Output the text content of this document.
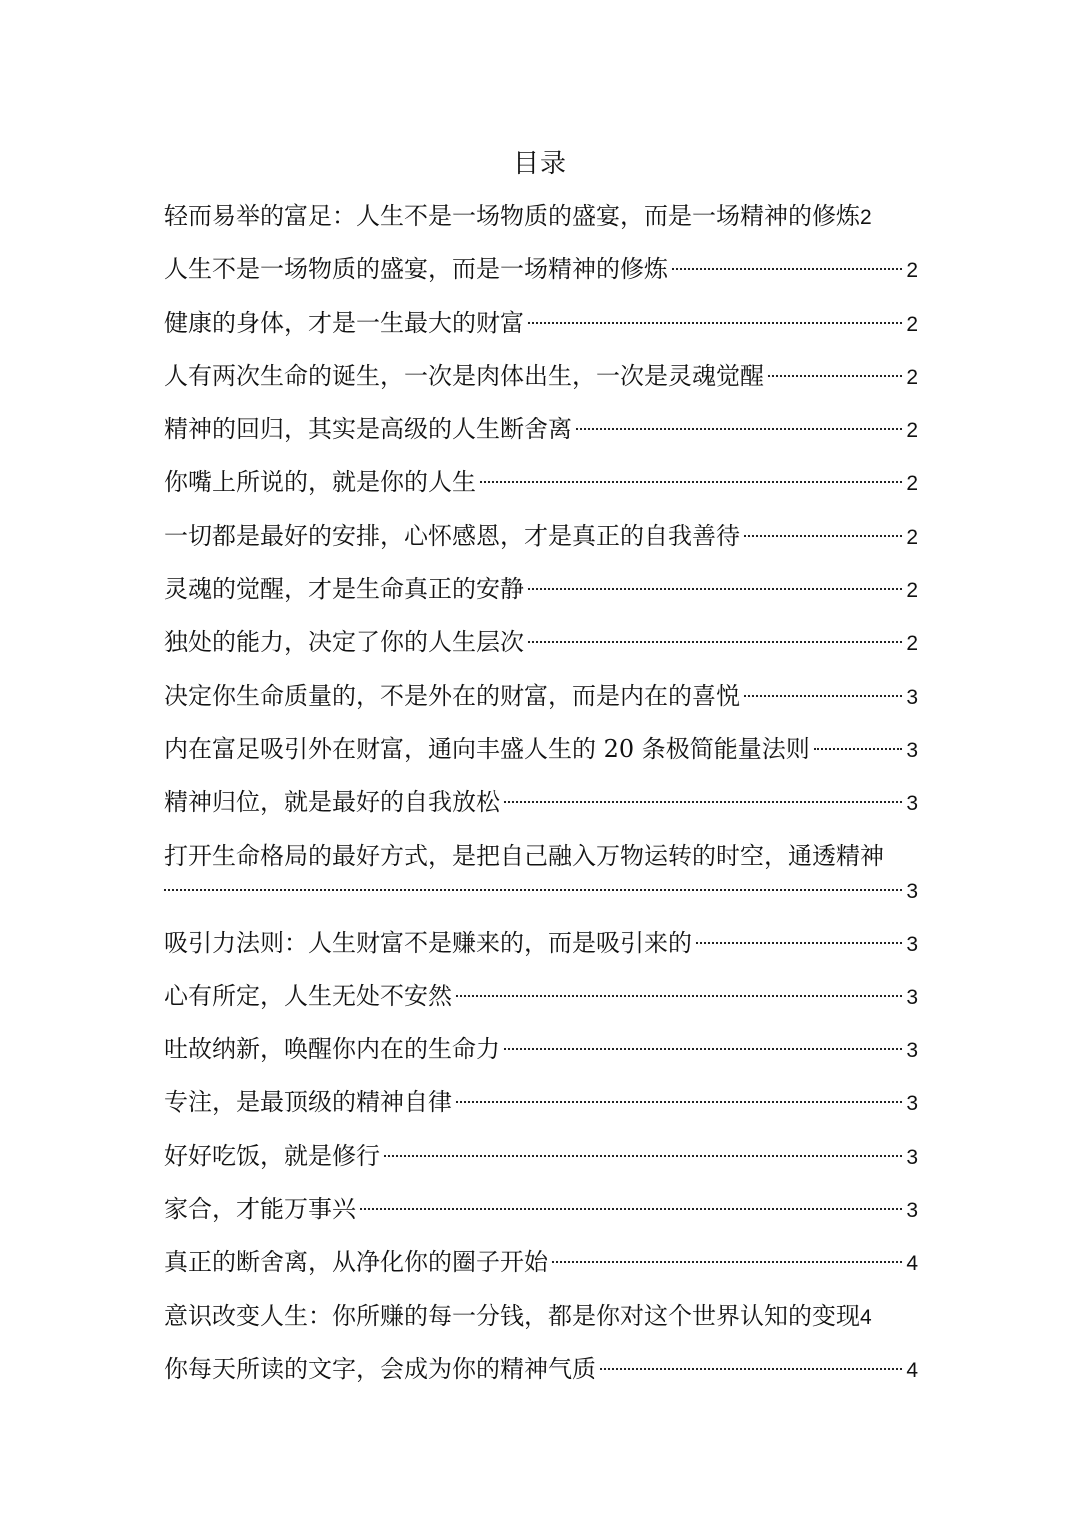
目录
轻而易举的富足：人生不是一场物质的盛宴，而是一场精神的修炼 2
人生不是一场物质的盛宴，而是一场精神的修炼	2
健康的身体，才是一生最大的财富	2
人有两次生命的诞生，一次是肉体出生，一次是灵魂觉醒	2
精神的回归，其实是高级的人生断舍离	2
你嘴上所说的，就是你的人生	2
一切都是最好的安排，心怀感恩，才是真正的自我善待	2
灵魂的觉醒，才是生命真正的安静	2
独处的能力，决定了你的人生层次	2
决定你生命质量的，不是外在的财富，而是内在的喜悦	3
内在富足吸引外在财富，通向丰盛人生的 20 条极简能量法则	3
精神归位，就是最好的自我放松	3
打开生命格局的最好方式，是把自己融入万物运转的时空，通透精神
3
吸引力法则：人生财富不是赚来的，而是吸引来的	3
心有所定，人生无处不安然	3
吐故纳新，唤醒你内在的生命力	3
专注，是最顶级的精神自律	3
好好吃饭，就是修行	3
家合，才能万事兴	3
真正的断舍离，从净化你的圈子开始	4
意识改变人生：你所赚的每一分钱，都是你对这个世界认知的变现 4
你每天所读的文字，会成为你的精神气质	4
